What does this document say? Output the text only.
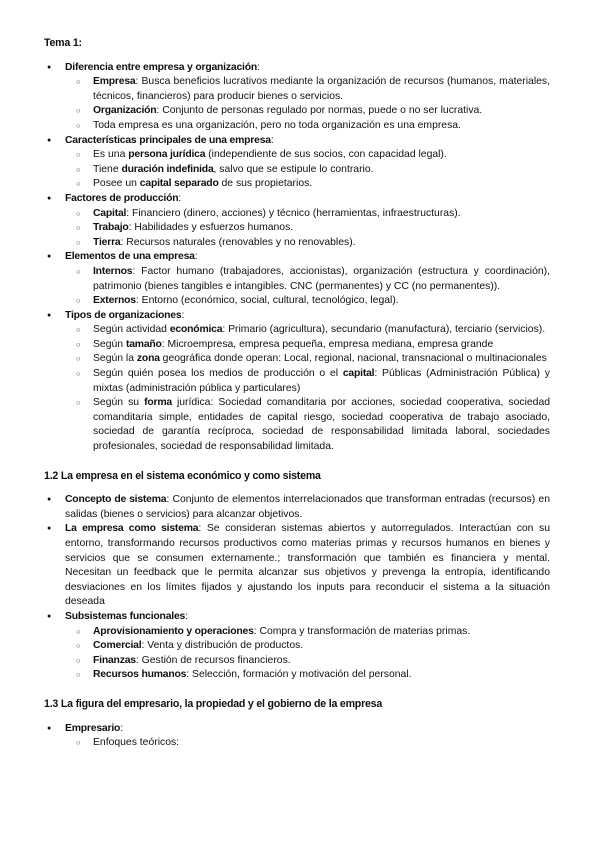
Tema 1:
● Diferencia entre empresa y organización:
○ Empresa: Busca beneficios lucrativos mediante la organización de recursos (humanos, materiales, técnicos, financieros) para producir bienes o servicios.
○ Organización: Conjunto de personas regulado por normas, puede o no ser lucrativa.
○ Toda empresa es una organización, pero no toda organización es una empresa.
● Características principales de una empresa:
○ Es una persona jurídica (independiente de sus socios, con capacidad legal).
○ Tiene duración indefinida, salvo que se estipule lo contrario.
○ Posee un capital separado de sus propietarios.
● Factores de producción:
○ Capital: Financiero (dinero, acciones) y técnico (herramientas, infraestructuras).
○ Trabajo: Habilidades y esfuerzos humanos.
○ Tierra: Recursos naturales (renovables y no renovables).
● Elementos de una empresa:
○ Internos: Factor humano (trabajadores, accionistas), organización (estructura y coordinación), patrimonio (bienes tangibles e intangibles. CNC (permanentes) y CC (no permanentes)).
○ Externos: Entorno (económico, social, cultural, tecnológico, legal).
● Tipos de organizaciones:
○ Según actividad económica: Primario (agricultura), secundario (manufactura), terciario (servicios).
○ Según tamaño: Microempresa, empresa pequeña, empresa mediana, empresa grande
○ Según la zona geográfica donde operan: Local, regional, nacional, transnacional o multinacionales
○ Según quién posea los medios de producción o el capital: Públicas (Administración Pública) y mixtas (administración pública y particulares)
○ Según su forma jurídica: Sociedad comanditaria por acciones, sociedad cooperativa, sociedad comanditaria simple, entidades de capital riesgo, sociedad cooperativa de trabajo asociado, sociedad de garantía recíproca, sociedad de responsabilidad limitada laboral, sociedades profesionales, sociedad de responsabilidad limitada.
1.2 La empresa en el sistema económico y como sistema
● Concepto de sistema: Conjunto de elementos interrelacionados que transforman entradas (recursos) en salidas (bienes o servicios) para alcanzar objetivos.
● La empresa como sistema: Se consideran sistemas abiertos y autorregulados. Interactúan con su entorno, transformando recursos productivos como materias primas y recursos humanos en bienes y servicios que se consumen externamente.; transformación que también es financiera y mental. Necesitan un feedback que le permita alcanzar sus objetivos y prevenga la entropía, identificando desviaciones en los límites fijados y ajustando los inputs para reconducir el sistema a la situación deseada
● Subsistemas funcionales:
○ Aprovisionamiento y operaciones: Compra y transformación de materias primas.
○ Comercial: Venta y distribución de productos.
○ Finanzas: Gestión de recursos financieros.
○ Recursos humanos: Selección, formación y motivación del personal.
1.3 La figura del empresario, la propiedad y el gobierno de la empresa
● Empresario:
○ Enfoques teóricos:
